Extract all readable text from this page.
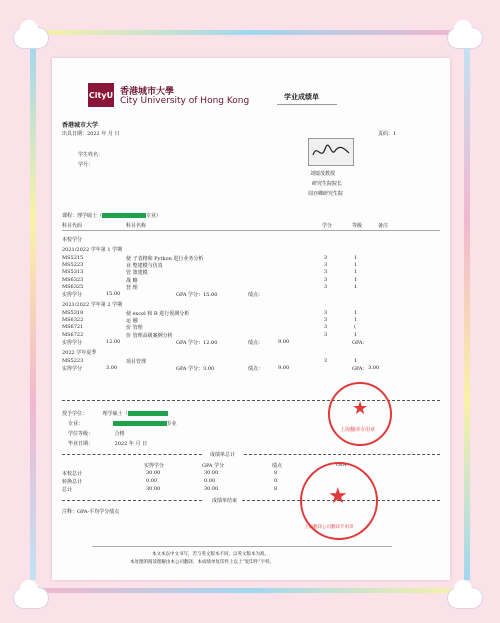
CityU 香港城市大學
City University of Hong Kong	学业成绩单
香港城市大学
出具日期：2022 年 月 日	页码：1
学生姓名：
学号：
刘镜茂教授
研究生院院长
周亦卿研究生院
课程：理学硕士（	专业）
科目代码	科目名称	学分	等级	备注
本校学分
2021/2022 学年第 1 学期
MS5215	使 子表格和 Python 进行业务分析	3	1
MS5223	业 整建模与仿真	3	1
MS5313	管 策建模	3	1
MS6323	战 略	3	1
MS6325	营 理	3	1
实得学分	15.00	GPA 学分：15.00	绩点：
2021/2022 学年第 2 学期
MS5318	使 excel 和 R 进行预测分析	3	1
MS6322	运 融	3	1
MS6721	价 管理	3	(
MS6722	价 管理高级案例分析	3	1
实得学分	12.00	GPA 学分：12.00	绩点：	9.00	GPA：
2022 学年夏季
MS5223	项目管理	3	1
实得学分	3.00	GPA 学分：3.00	绩点：	9.00	GPA： 3.00
授予学位：	理学硕士（
专业：	专业
学位等级：	合格
毕业日期：	2022 年 月 日
成绩单总计
实得学分	GPA 学分	绩点	GPA
本校总计	30.00	30.00	8
转换总计	0.00	0.00	0.
总计	30.00	30.00	8
成绩单结束
注释：GPA-平均学分绩点
本文本以中文书写，若与英文版本不同，以英文版本为准。
本处理的阅读理解由本公司翻译，本成绩单复印件上以上“复印件”字样。
上海翻译专用章
★
上海翻译公司翻译专用章
★
